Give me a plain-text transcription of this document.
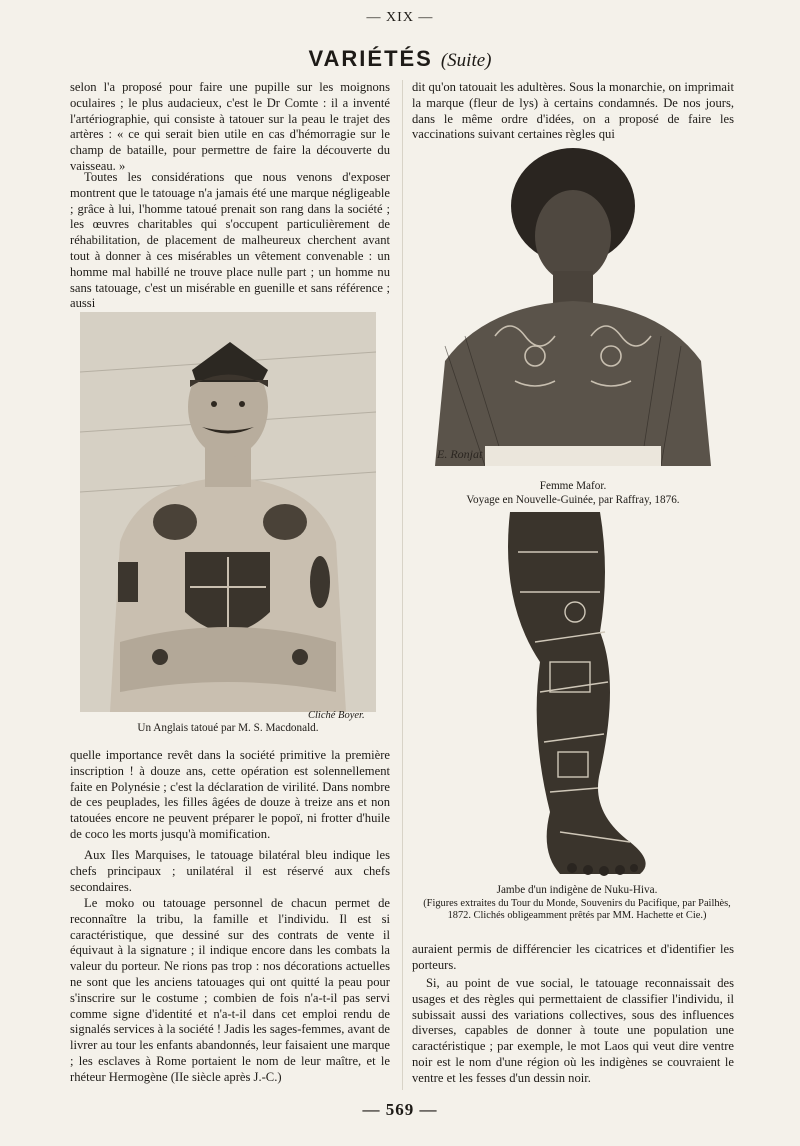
— XIX —
VARIÉTÉS (Suite)

selon l'a proposé pour faire une pupille sur les moignons oculaires ; le plus audacieux, c'est le Dr Comte : il a inventé l'artériographie, qui consiste à tatouer sur la peau le trajet des artères : « ce qui serait bien utile en cas d'hémorragie sur le champ de bataille, pour permettre de faire la découverte du vaisseau. »

Toutes les considérations que nous venons d'exposer montrent que le tatouage n'a jamais été une marque négligeable ; grâce à lui, l'homme tatoué prenait son rang dans la société ; les œuvres charitables qui s'occupent particulièrement de réhabilitation, de placement de malheureux cherchent avant tout à donner à ces misérables un vêtement convenable : un homme mal habillé ne trouve place nulle part ; un homme nu sans tatouage, c'est un misérable en guenille et sans référence ; aussi

Cliché Boyer.
Un Anglais tatoué par M. S. Macdonald.

quelle importance revêt dans la société primitive la première inscription ! à douze ans, cette opération est solennellement faite en Polynésie ; c'est la déclaration de virilité. Dans nombre de ces peuplades, les filles âgées de douze à treize ans et non tatouées encore ne peuvent préparer le popoï, ni frotter d'huile de coco les morts jusqu'à momification.

Aux Iles Marquises, le tatouage bilatéral bleu indique les chefs principaux ; unilatéral il est réservé aux chefs secondaires.

Le moko ou tatouage personnel de chacun permet de reconnaître la tribu, la famille et l'individu. Il est si caractéristique, que dessiné sur des contrats de vente il équivaut à la signature ; il indique encore dans les combats la valeur du porteur. Ne rions pas trop : nos décorations actuelles ne sont que les anciens tatouages qui ont quitté la peau pour s'inscrire sur le costume ; combien de fois n'a-t-il pas servi comme signe d'identité et n'a-t-il dans cet emploi rendu de signalés services à la société ! Jadis les sages-femmes, avant de livrer au tour les enfants abandonnés, leur faisaient une marque ; les esclaves à Rome portaient le nom de leur maître, et le rhéteur Hermogène (IIe siècle après J.-C.)

dit qu'on tatouait les adultères. Sous la monarchie, on imprimait la marque (fleur de lys) à certains condamnés. De nos jours, dans le même ordre d'idées, on a proposé de faire les vaccinations suivant certaines règles qui

E. Ronjat
Femme Mafor.
Voyage en Nouvelle-Guinée, par Raffray, 1876.
Jambe d'un indigène de Nuku-Hiva.
(Figures extraites du Tour du Monde, Souvenirs du Pacifique, par Pailhès, 1872. Clichés obligeamment prêtés par MM. Hachette et Cie.)

auraient permis de différencier les cicatrices et d'identifier les porteurs.

Si, au point de vue social, le tatouage reconnaissait des usages et des règles qui permettaient de classifier l'individu, il subissait aussi des variations collectives, sous des influences diverses, capables de donner à toute une population une caractéristique ; par exemple, le mot Laos qui veut dire ventre noir est le nom d'une région où les indigènes se couvraient le ventre et les fesses d'un dessin noir.

— 569 —
